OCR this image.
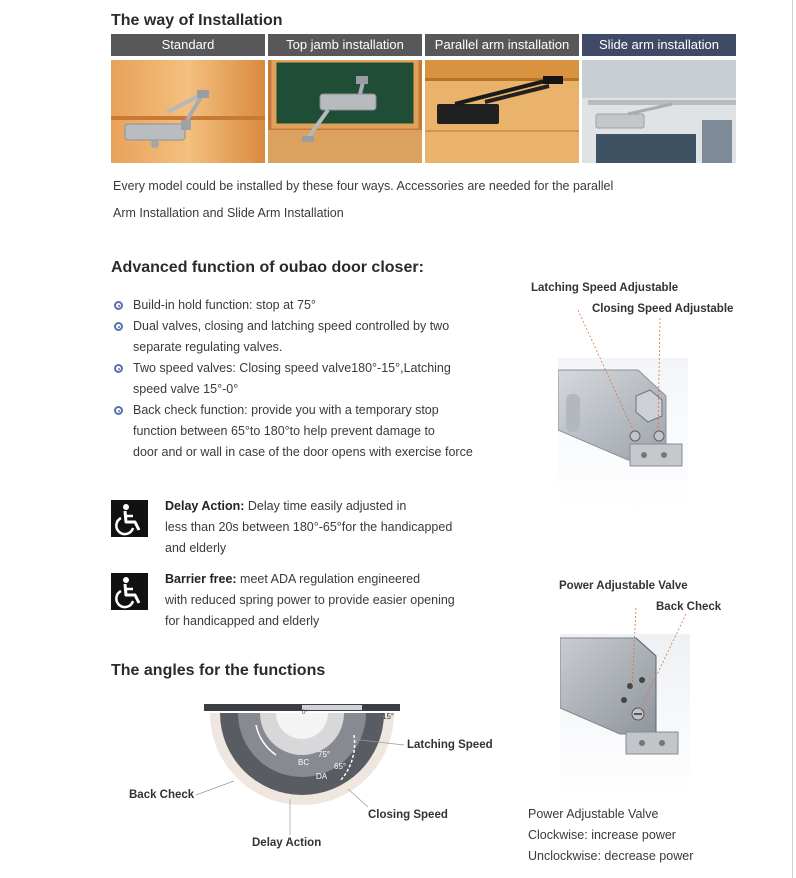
The way of Installation
Standard	Top jamb installation	Parallel arm installation	Slide arm installation
Every model could be installed by these four ways. Accessories are needed for the parallel
Arm Installation and Slide Arm Installation
Advanced function of oubao door closer:
Build-in hold function: stop at 75°
Dual valves, closing and latching speed controlled by two
separate regulating valves.
Two speed valves: Closing speed valve180°-15°,Latching
speed valve 15°-0°
Back check function: provide you with a temporary stop
function between 65°to 180°to help prevent damage to
door and or wall in case of the door opens with exercise force
Delay Action: Delay time easily adjusted in
less than 20s between 180°-65°for the handicapped
and elderly
Barrier free: meet ADA regulation engineered
with reduced spring power to provide easier opening
for handicapped and elderly
The angles for the functions
15°
0°
75°
65°
BC
DA
Latching Speed
Back Check
Closing Speed
Delay Action
Latching Speed Adjustable
Closing Speed Adjustable
Power Adjustable Valve
Back Check
Power Adjustable Valve
Clockwise: increase power
Unclockwise: decrease power
